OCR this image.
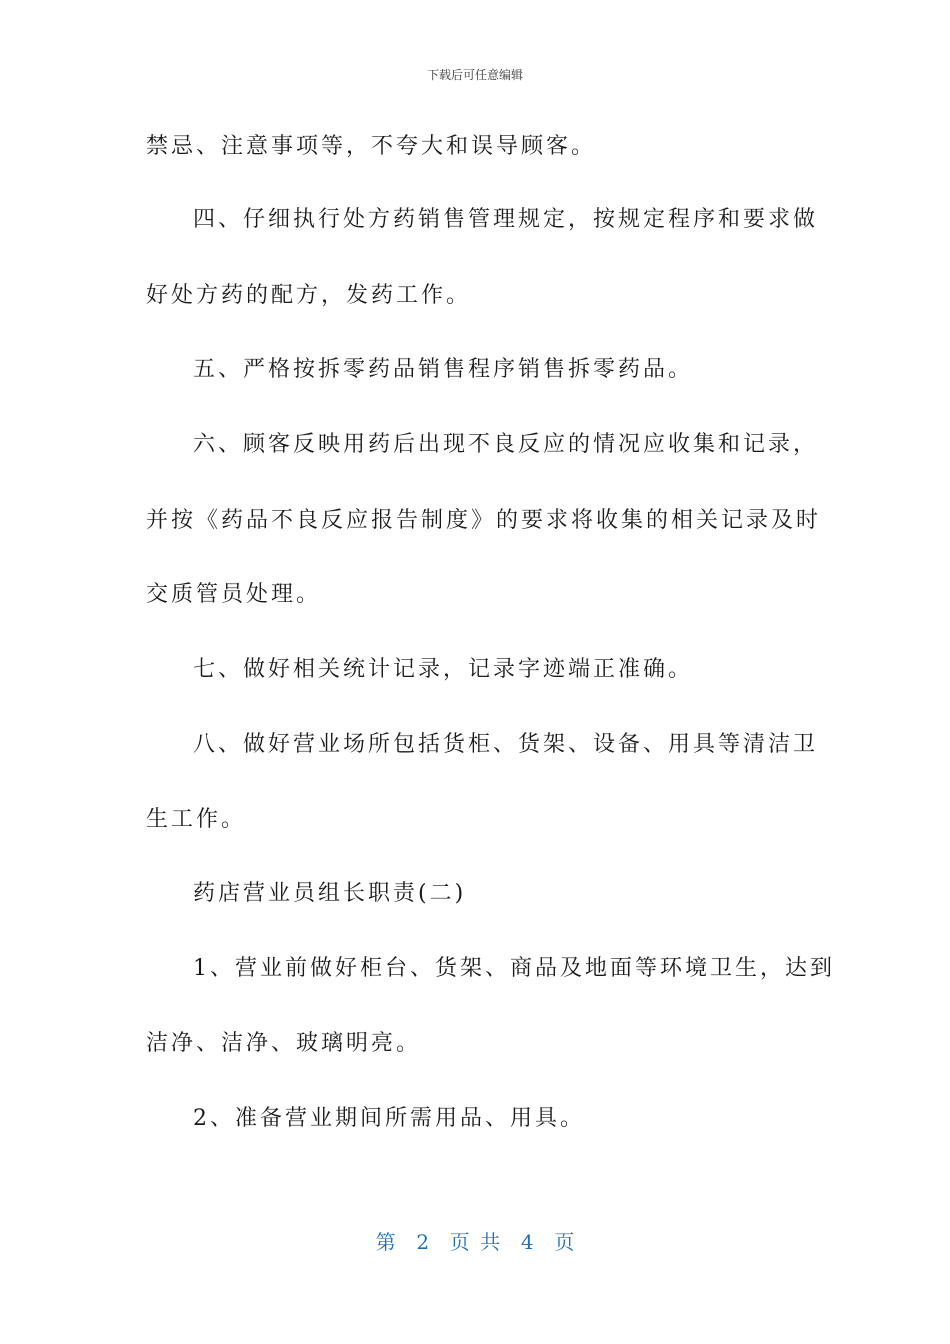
下载后可任意编辑
禁忌、注意事项等，不夸大和误导顾客。
四、仔细执行处方药销售管理规定，按规定程序和要求做
好处方药的配方，发药工作。
五、严格按拆零药品销售程序销售拆零药品。
六、顾客反映用药后出现不良反应的情况应收集和记录，
并按《药品不良反应报告制度》的要求将收集的相关记录及时
交质管员处理。
七、做好相关统计记录，记录字迹端正准确。
八、做好营业场所包括货柜、货架、设备、用具等清洁卫
生工作。
药店营业员组长职责(二)
1、营业前做好柜台、货架、商品及地面等环境卫生，达到
洁净、洁净、玻璃明亮。
2、准备营业期间所需用品、用具。
第  2  页 共  4  页
